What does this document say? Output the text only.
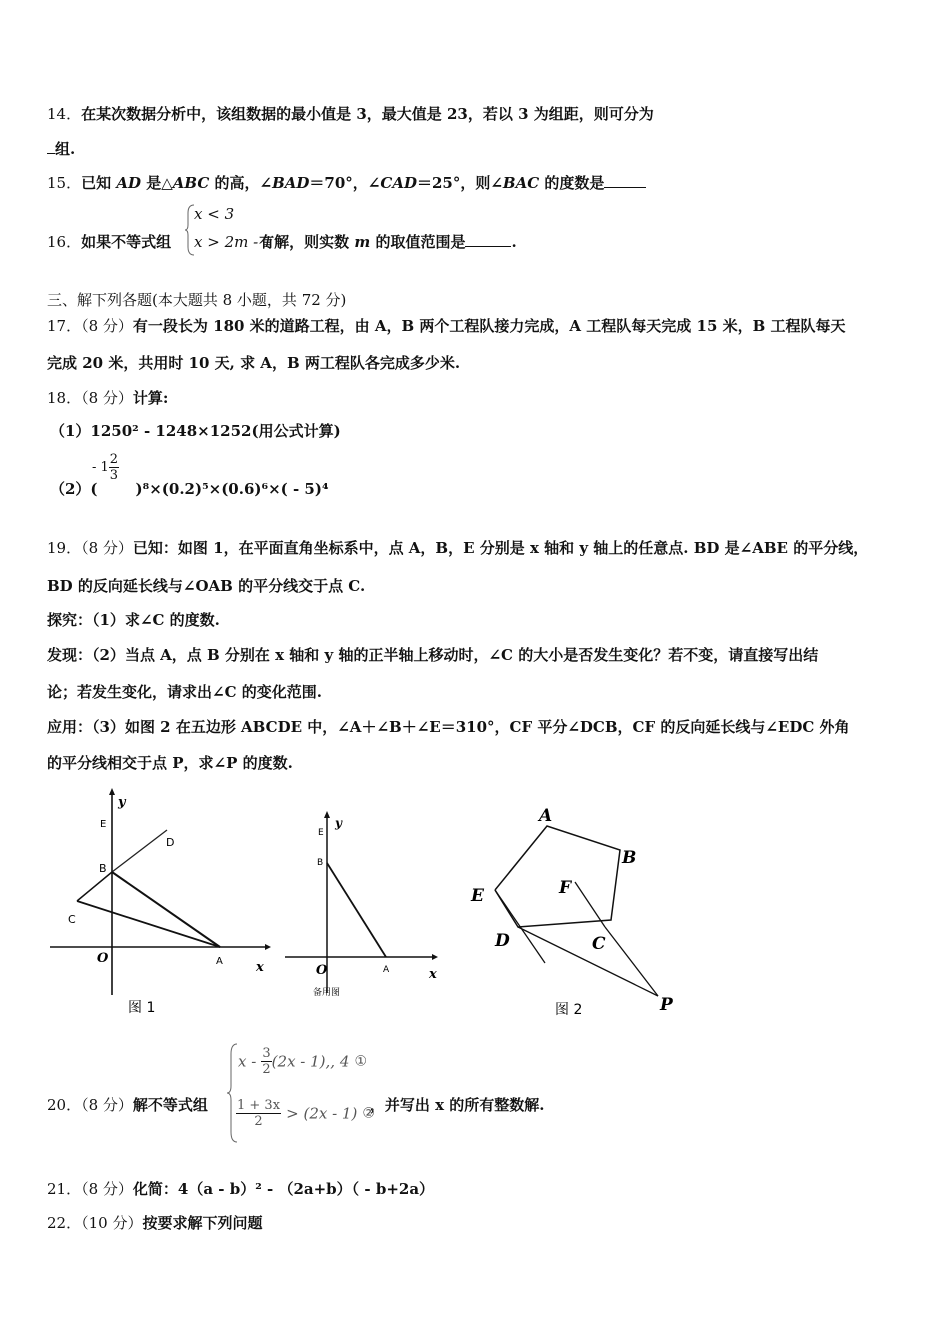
14．在某次数据分析中，该组数据的最小值是 3，最大值是 23，若以 3 为组距，则可分为
组.
15．已知 AD 是△ABC 的高，∠BAD＝70°，∠CAD＝25°，则∠BAC 的度数是
16．如果不等式组	有解，则实数 m 的取值范围是	.
x < 3
x > 2m - 1
三、解下列各题(本大题共 8 小题，共 72 分)
17．（8 分）有一段长为 180 米的道路工程，由 A，B 两个工程队接力完成，A 工程队每天完成 15 米，B 工程队每天
完成 20 米，共用时 10 天, 求 A，B 两工程队各完成多少米.
18．（8 分）计算:
（1）1250² - 1248×1252(用公式计算)
（2）(	)⁸×(0.2)⁵×(0.6)⁶×( - 5)⁴
- $1 \frac{2}{3}$
19．（8 分）已知：如图 1，在平面直角坐标系中，点 A，B，E 分别是 x 轴和 y 轴上的任意点. BD 是∠ABE 的平分线，
BD 的反向延长线与∠OAB 的平分线交于点 C.
探究：（1）求∠C 的度数.
发现：（2）当点 A，点 B 分别在 x 轴和 y 轴的正半轴上移动时，∠C 的大小是否发生变化？若不变，请直接写出结
论；若发生变化，请求出∠C 的变化范围.
应用：（3）如图 2 在五边形 ABCDE 中，∠A＋∠B＋∠E＝310°，CF 平分∠DCB，CF 的反向延长线与∠EDC 外角
的平分线相交于点 P，求∠P 的度数.
y
E
D
B
C
O	A	x
图 1
y
E
B
O	A	x
备用图
A
B
E	F
D	C
P
图 2
20．（8 分）解不等式组	，并写出 x 的所有整数解.
x - $\frac{3}{2} (2x - 1)$,, 4 ①
$\frac{1 + 3x}{2} > (2x - 1)$ ②
21．（8 分）化简：4（a - b）² - （2a+b）（ - b+2a）
22．（10 分）按要求解下列问题
